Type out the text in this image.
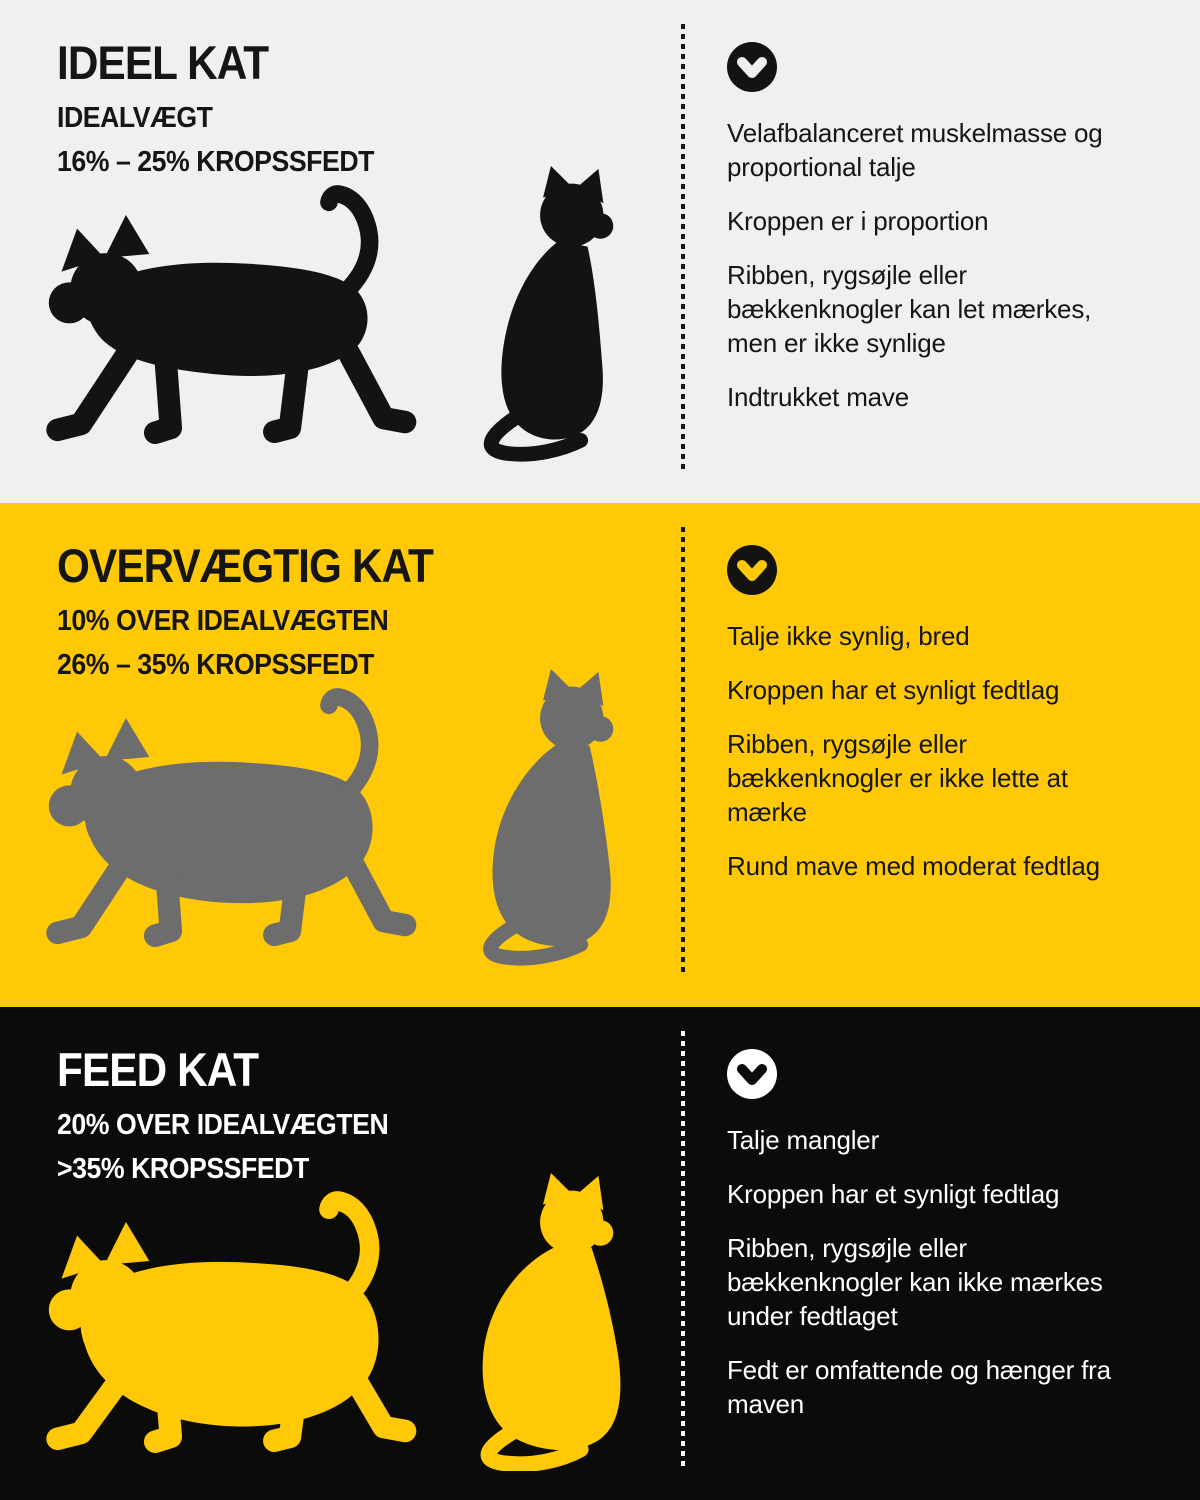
IDEEL KAT
IDEALVÆGT
16% – 25% KROPSSFEDT

Velafbalanceret muskelmasse og proportional talje

Kroppen er i proportion

Ribben, rygsøjle eller bækkenknogler kan let mærkes, men er ikke synlige

Indtrukket mave

OVERVÆGTIG KAT
10% OVER IDEALVÆGTEN
26% – 35% KROPSSFEDT

Talje ikke synlig, bred

Kroppen har et synligt fedtlag

Ribben, rygsøjle eller bækkenknogler er ikke lette at mærke

Rund mave med moderat fedtlag

FEED KAT
20% OVER IDEALVÆGTEN
>35% KROPSSFEDT

Talje mangler

Kroppen har et synligt fedtlag

Ribben, rygsøjle eller bækkenknogler kan ikke mærkes under fedtlaget

Fedt er omfattende og hænger fra maven
